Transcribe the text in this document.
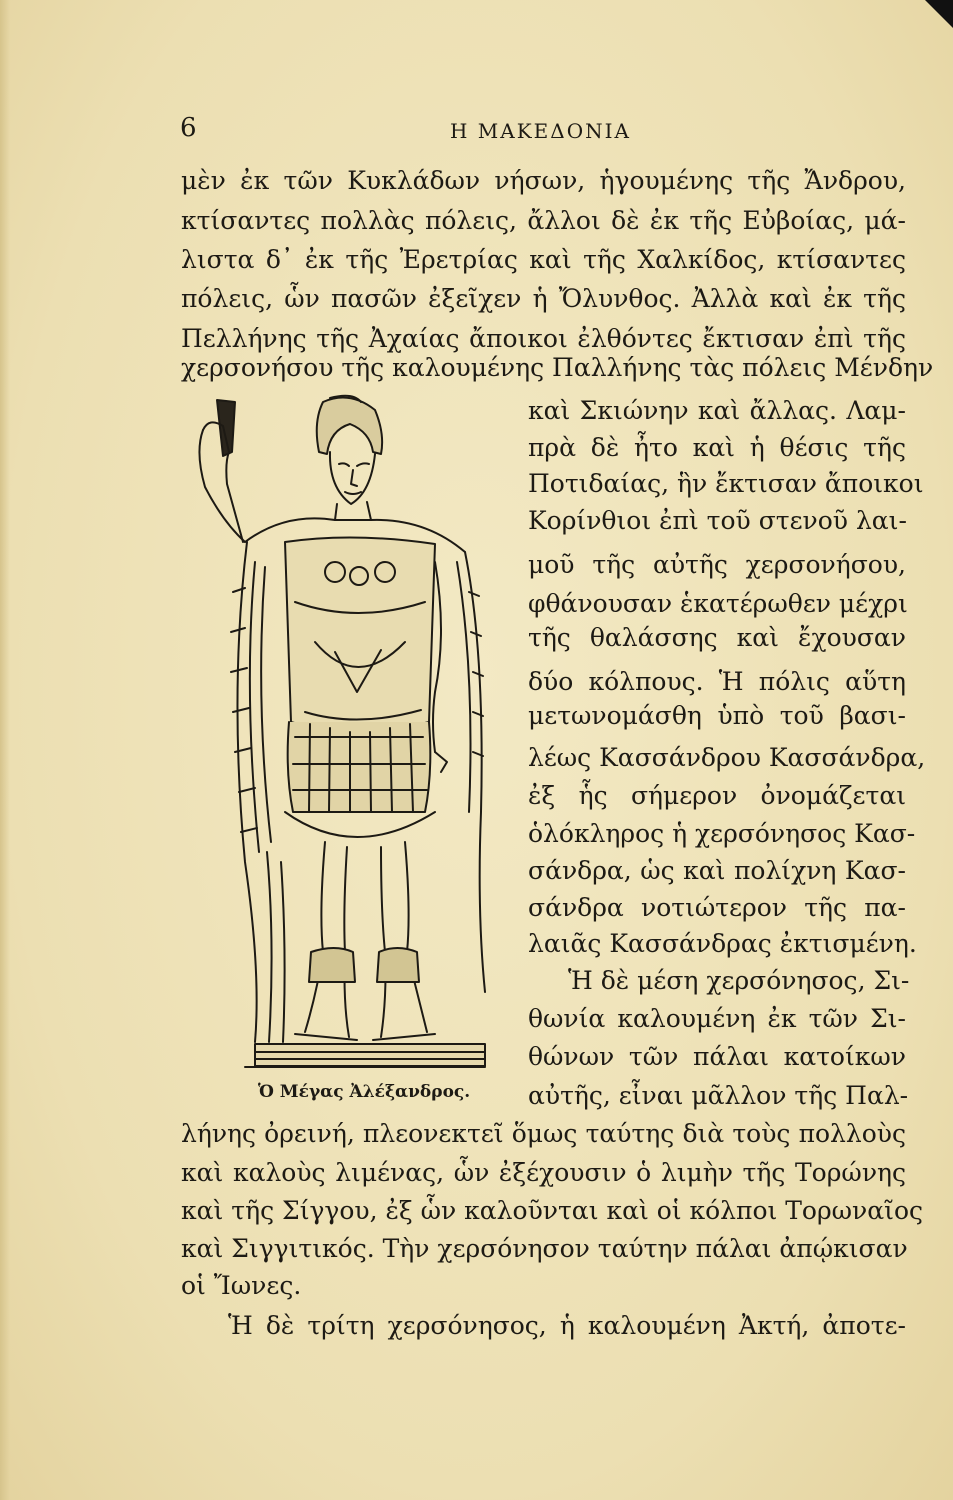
6	Η ΜΑΚΕΔΟΝΙΑ
μὲν ἐκ τῶν Κυκλάδων νήσων, ἡγουμένης τῆς Ἄνδρου,
κτίσαντες πολλὰς πόλεις, ἄλλοι δὲ ἐκ τῆς Εὐβοίας, μά-
λιστα δ᾽ ἐκ τῆς Ἐρετρίας καὶ τῆς Χαλκίδος, κτίσαντες
πόλεις, ὧν πασῶν ἐξεῖχεν ἡ Ὄλυνθος. Ἀλλὰ καὶ ἐκ τῆς
Πελλήνης τῆς Ἀχαίας ἄποικοι ἐλθόντες ἔκτισαν ἐπὶ τῆς
χερσονήσου τῆς καλουμένης Παλλήνης τὰς πόλεις Μένδην
καὶ Σκιώνην καὶ ἄλλας. Λαμ-
πρὰ δὲ ἦτο καὶ ἡ θέσις τῆς
Ποτιδαίας, ἣν ἔκτισαν ἄποικοι
Κορίνθιοι ἐπὶ τοῦ στενοῦ λαι-
μοῦ τῆς αὐτῆς χερσονήσου,
φθάνουσαν ἑκατέρωθεν μέχρι
τῆς θαλάσσης καὶ ἔχουσαν
δύο κόλπους. Ἡ πόλις αὕτη
μετωνομάσθη ὑπὸ τοῦ βασι-
λέως Κασσάνδρου Κασσάνδρα,
ἐξ ἧς σήμερον ὀνομάζεται
ὁλόκληρος ἡ χερσόνησος Κασ-
σάνδρα, ὡς καὶ πολίχνη Κασ-
σάνδρα νοτιώτερον τῆς πα-
λαιᾶς Κασσάνδρας ἐκτισμένη.
Ἡ δὲ μέση χερσόνησος, Σι-
θωνία καλουμένη ἐκ τῶν Σι-
θώνων τῶν πάλαι κατοίκων
αὐτῆς, εἶναι μᾶλλον τῆς Παλ-
λήνης ὀρεινή, πλεονεκτεῖ ὅμως ταύτης διὰ τοὺς πολλοὺς
καὶ καλοὺς λιμένας, ὧν ἐξέχουσιν ὁ λιμὴν τῆς Τορώνης
καὶ τῆς Σίγγου, ἐξ ὧν καλοῦνται καὶ οἱ κόλποι Τορωναῖος
καὶ Σιγγιτικός. Τὴν χερσόνησον ταύτην πάλαι ἀπῴκισαν
οἱ Ἴωνες.
Ἡ δὲ τρίτη χερσόνησος, ἡ καλουμένη Ἀκτή, ἀποτε-
Ὁ Μέγας Ἀλέξανδρος.
